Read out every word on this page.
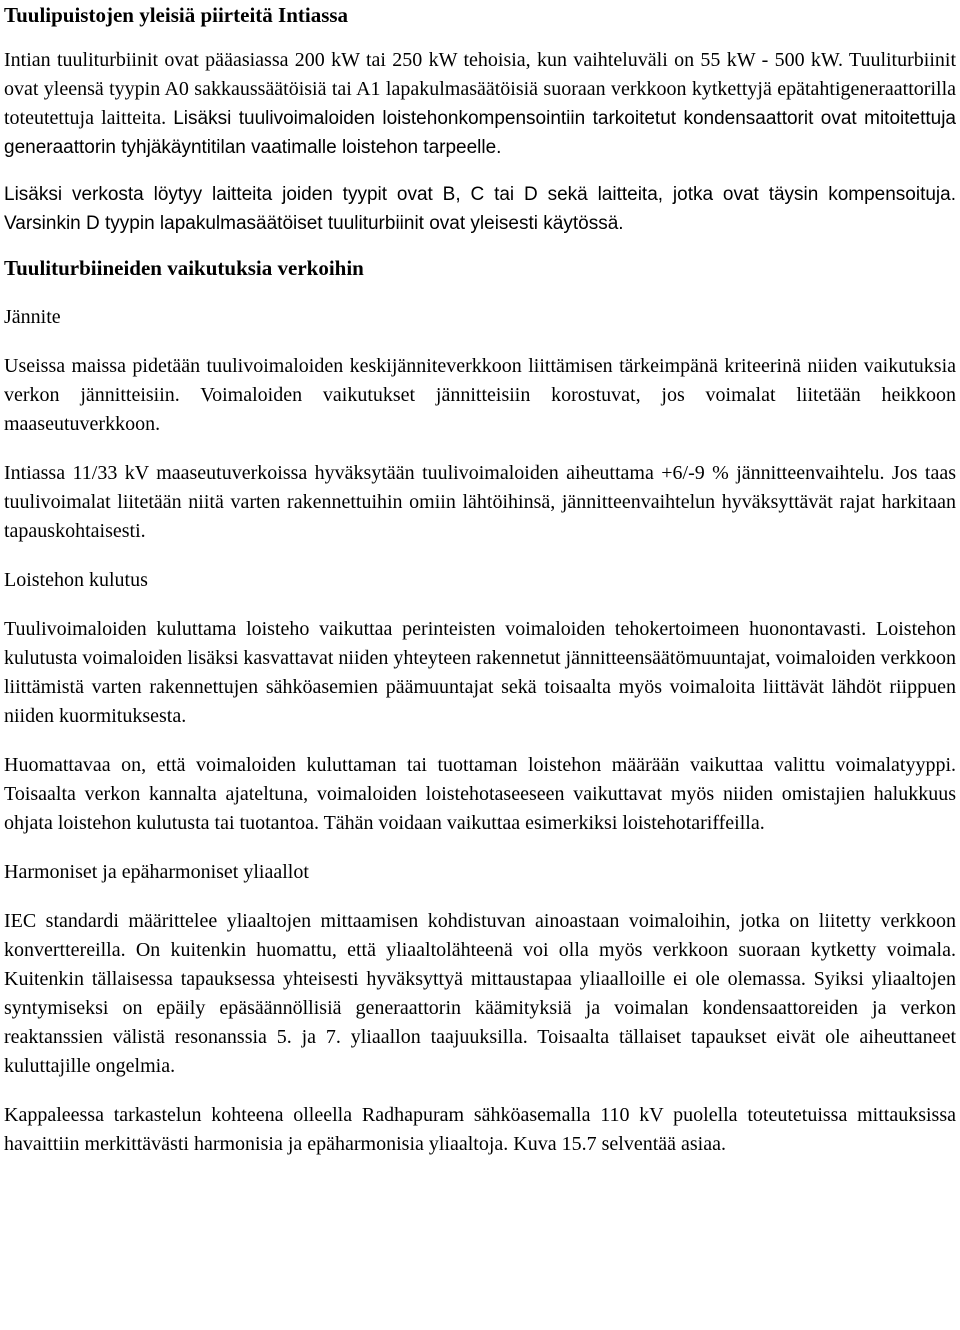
Tuulipuistojen yleisiä piirteitä Intiassa

Intian tuuliturbiinit ovat pääasiassa 200 kW tai 250 kW tehoisia, kun vaihteluväli on 55 kW - 500 kW. Tuuliturbiinit ovat yleensä tyypin A0 sakkaussäätöisiä tai A1 lapakulmasäätöisiä suoraan verkkoon kytkettyjä epätahtigeneraattorilla toteutettuja laitteita. Lisäksi tuulivoimaloiden loistehonkompensointiin tarkoitetut kondensaattorit ovat mitoitettuja generaattorin tyhjäkäyntitilan vaatimalle loistehon tarpeelle.

Lisäksi verkosta löytyy laitteita joiden tyypit ovat B, C tai D sekä laitteita, jotka ovat täysin kompensoituja. Varsinkin D tyypin lapakulmasäätöiset tuuliturbiinit ovat yleisesti käytössä.

Tuuliturbiineiden vaikutuksia verkoihin
Jännite

Useissa maissa pidetään tuulivoimaloiden keskijänniteverkkoon liittämisen tärkeimpänä kriteerinä niiden vaikutuksia verkon jännitteisiin. Voimaloiden vaikutukset jännitteisiin korostuvat, jos voimalat liitetään heikkoon maaseutuverkkoon.

Intiassa 11/33 kV maaseutuverkoissa hyväksytään tuulivoimaloiden aiheuttama +6/-9 % jännitteenvaihtelu. Jos taas tuulivoimalat liitetään niitä varten rakennettuihin omiin lähtöihinsä, jännitteenvaihtelun hyväksyttävät rajat harkitaan tapauskohtaisesti.

Loistehon kulutus

Tuulivoimaloiden kuluttama loisteho vaikuttaa perinteisten voimaloiden tehokertoimeen huonontavasti. Loistehon kulutusta voimaloiden lisäksi kasvattavat niiden yhteyteen rakennetut jännitteensäätömuuntajat, voimaloiden verkkoon liittämistä varten rakennettujen sähköasemien päämuuntajat sekä toisaalta myös voimaloita liittävät lähdöt riippuen niiden kuormituksesta.

Huomattavaa on, että voimaloiden kuluttaman tai tuottaman loistehon määrään vaikuttaa valittu voimalatyyppi. Toisaalta verkon kannalta ajateltuna, voimaloiden loistehotaseeseen vaikuttavat myös niiden omistajien halukkuus ohjata loistehon kulutusta tai tuotantoa. Tähän voidaan vaikuttaa esimerkiksi loistehotariffeilla.

Harmoniset ja epäharmoniset yliaallot

IEC standardi määrittelee yliaaltojen mittaamisen kohdistuvan ainoastaan voimaloihin, jotka on liitetty verkkoon konverttereilla. On kuitenkin huomattu, että yliaaltolähteenä voi olla myös verkkoon suoraan kytketty voimala. Kuitenkin tällaisessa tapauksessa yhteisesti hyväksyttyä mittaustapaa yliaalloille ei ole olemassa. Syiksi yliaaltojen syntymiseksi on epäily epäsäännöllisiä generaattorin käämityksiä ja voimalan kondensaattoreiden ja verkon reaktanssien välistä resonanssia 5. ja 7. yliaallon taajuuksilla. Toisaalta tällaiset tapaukset eivät ole aiheuttaneet kuluttajille ongelmia.

Kappaleessa tarkastelun kohteena olleella Radhapuram sähköasemalla 110 kV puolella toteutetuissa mittauksissa havaittiin merkittävästi harmonisia ja epäharmonisia yliaaltoja. Kuva 15.7 selventää asiaa.
